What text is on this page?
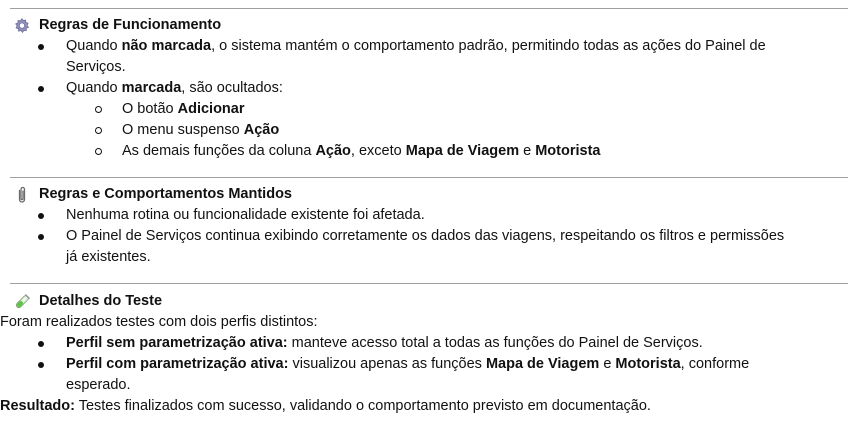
Regras de Funcionamento
Quando não marcada, o sistema mantém o comportamento padrão, permitindo todas as ações do Painel de
Serviços.
Quando marcada, são ocultados:
O botão Adicionar
O menu suspenso Ação
As demais funções da coluna Ação, exceto Mapa de Viagem e Motorista
Regras e Comportamentos Mantidos
Nenhuma rotina ou funcionalidade existente foi afetada.
O Painel de Serviços continua exibindo corretamente os dados das viagens, respeitando os filtros e permissões
já existentes.
Detalhes do Teste
Foram realizados testes com dois perfis distintos:
Perfil sem parametrização ativa: manteve acesso total a todas as funções do Painel de Serviços.
Perfil com parametrização ativa: visualizou apenas as funções Mapa de Viagem e Motorista, conforme
esperado.
Resultado: Testes finalizados com sucesso, validando o comportamento previsto em documentação.
